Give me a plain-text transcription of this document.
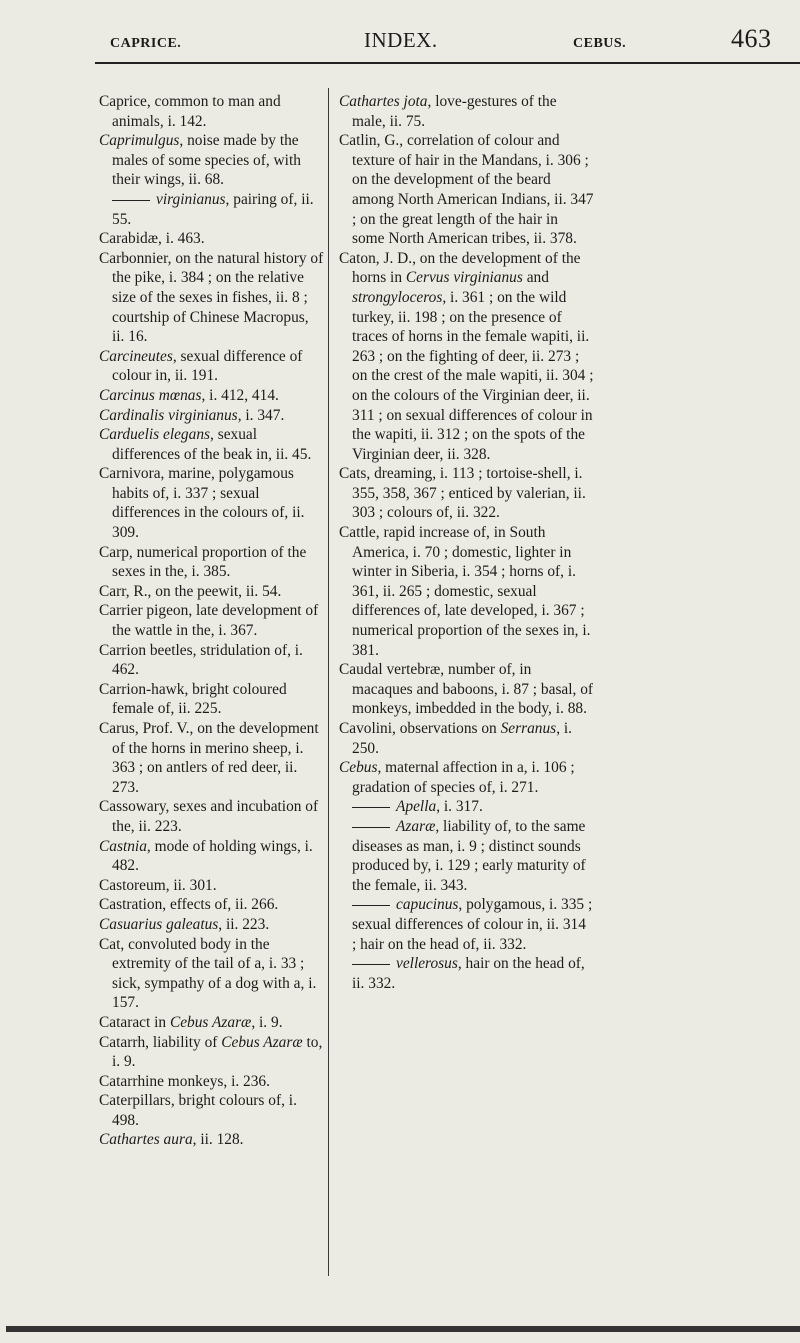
CAPRICE.	INDEX.	CEBUS.	463

Caprice, common to man and animals, i. 142.

Caprimulgus, noise made by the males of some species of, with their wings, ii. 68.

virginianus, pairing of, ii. 55.

Carabidæ, i. 463.

Carbonnier, on the natural history of the pike, i. 384 ; on the relative size of the sexes in fishes, ii. 8 ; courtship of Chinese Macropus, ii. 16.

Carcineutes, sexual difference of colour in, ii. 191.

Carcinus mœnas, i. 412, 414.

Cardinalis virginianus, i. 347.

Carduelis elegans, sexual differences of the beak in, ii. 45.

Carnivora, marine, polygamous habits of, i. 337 ; sexual differences in the colours of, ii. 309.

Carp, numerical proportion of the sexes in the, i. 385.

Carr, R., on the peewit, ii. 54.

Carrier pigeon, late development of the wattle in the, i. 367.

Carrion beetles, stridulation of, i. 462.

Carrion-hawk, bright coloured female of, ii. 225.

Carus, Prof. V., on the development of the horns in merino sheep, i. 363 ; on antlers of red deer, ii. 273.

Cassowary, sexes and incubation of the, ii. 223.

Castnia, mode of holding wings, i. 482.

Castoreum, ii. 301.

Castration, effects of, ii. 266.

Casuarius galeatus, ii. 223.

Cat, convoluted body in the extremity of the tail of a, i. 33 ; sick, sympathy of a dog with a, i. 157.

Cataract in Cebus Azaræ, i. 9.

Catarrh, liability of Cebus Azaræ to, i. 9.

Catarrhine monkeys, i. 236.

Caterpillars, bright colours of, i. 498.

Cathartes aura, ii. 128.

Cathartes jota, love-gestures of the male, ii. 75.

Catlin, G., correlation of colour and texture of hair in the Mandans, i. 306 ; on the development of the beard among North American Indians, ii. 347 ; on the great length of the hair in some North American tribes, ii. 378.

Caton, J. D., on the development of the horns in Cervus virginianus and strongyloceros, i. 361 ; on the wild turkey, ii. 198 ; on the presence of traces of horns in the female wapiti, ii. 263 ; on the fighting of deer, ii. 273 ; on the crest of the male wapiti, ii. 304 ; on the colours of the Virginian deer, ii. 311 ; on sexual differences of colour in the wapiti, ii. 312 ; on the spots of the Virginian deer, ii. 328.

Cats, dreaming, i. 113 ; tortoise-shell, i. 355, 358, 367 ; enticed by valerian, ii. 303 ; colours of, ii. 322.

Cattle, rapid increase of, in South America, i. 70 ; domestic, lighter in winter in Siberia, i. 354 ; horns of, i. 361, ii. 265 ; domestic, sexual differences of, late developed, i. 367 ; numerical proportion of the sexes in, i. 381.

Caudal vertebræ, number of, in macaques and baboons, i. 87 ; basal, of monkeys, imbedded in the body, i. 88.

Cavolini, observations on Serranus, i. 250.

Cebus, maternal affection in a, i. 106 ; gradation of species of, i. 271.

Apella, i. 317.

Azaræ, liability of, to the same diseases as man, i. 9 ; distinct sounds produced by, i. 129 ; early maturity of the female, ii. 343.

capucinus, polygamous, i. 335 ; sexual differences of colour in, ii. 314 ; hair on the head of, ii. 332.

vellerosus, hair on the head of, ii. 332.
